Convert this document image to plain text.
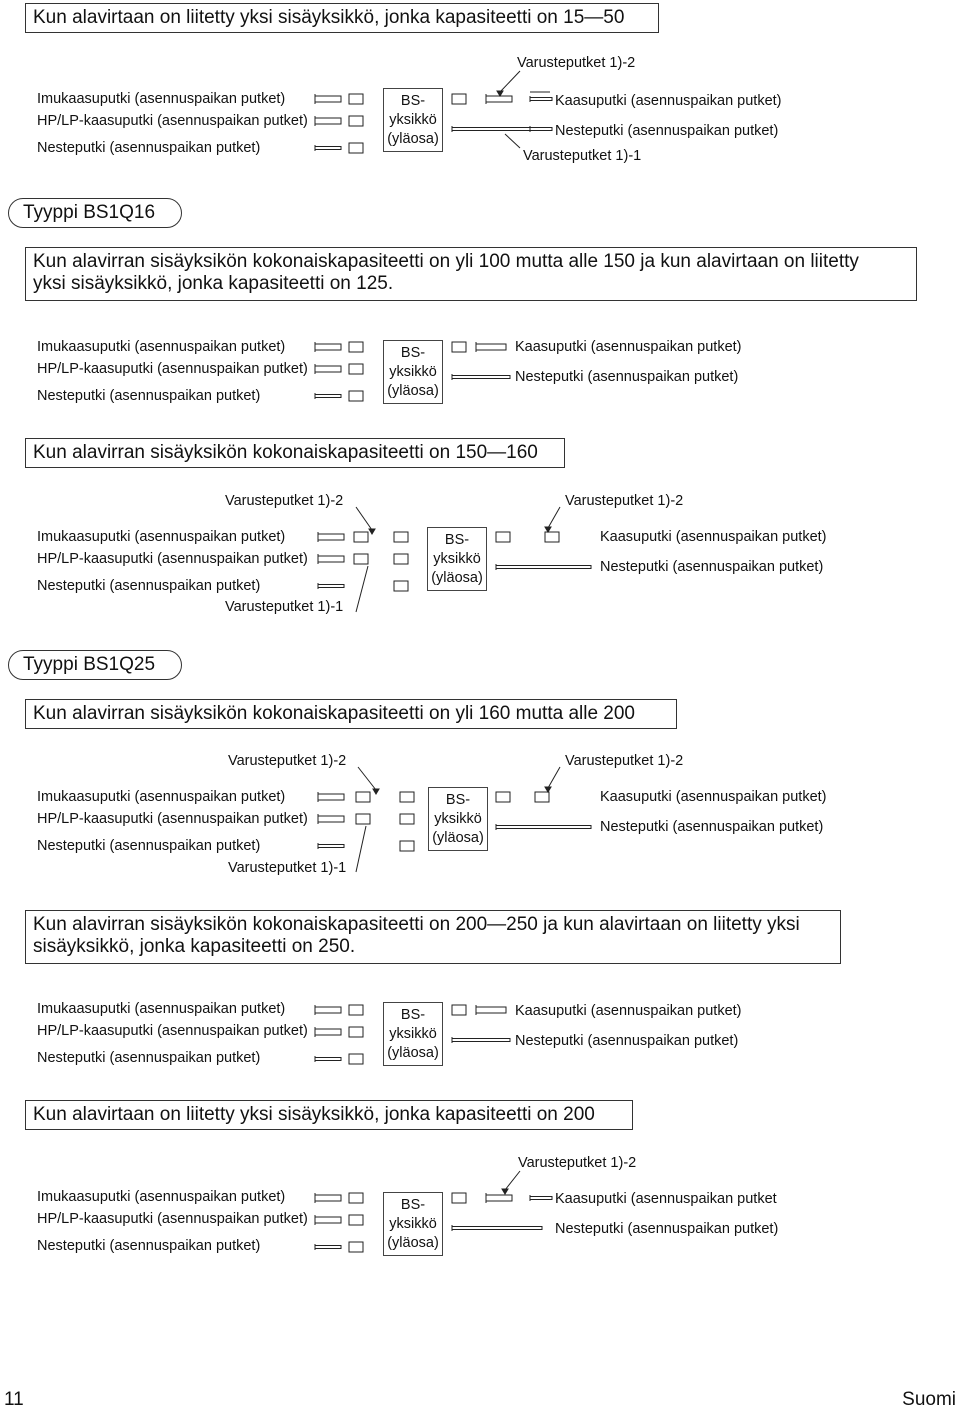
Kun alavirtaan on liitetty yksi sisäyksikkö, jonka kapasiteetti on 15—50
Varusteputket 1)-2
Imukaasuputki (asennuspaikan putket)
HP/LP-kaasuputki (asennuspaikan putket)
Nesteputki (asennuspaikan putket)
BS-
yksikkö
(yläosa)
Kaasuputki (asennuspaikan putket)
Nesteputki (asennuspaikan putket)
Varusteputket 1)-1
Tyyppi BS1Q16
Kun alavirran sisäyksikön kokonaiskapasiteetti on yli 100 mutta alle 150 ja kun alavirtaan on liitetty
yksi sisäyksikkö, jonka kapasiteetti on 125.
Imukaasuputki (asennuspaikan putket)
HP/LP-kaasuputki (asennuspaikan putket)
Nesteputki (asennuspaikan putket)
BS-
yksikkö
(yläosa)
Kaasuputki (asennuspaikan putket)
Nesteputki (asennuspaikan putket)
Kun alavirran sisäyksikön kokonaiskapasiteetti on 150—160
Varusteputket 1)-2	Varusteputket 1)-2
Imukaasuputki (asennuspaikan putket)
HP/LP-kaasuputki (asennuspaikan putket)
Nesteputki (asennuspaikan putket)
Varusteputket 1)-1
BS-
yksikkö
(yläosa)
Kaasuputki (asennuspaikan putket)
Nesteputki (asennuspaikan putket)
Tyyppi BS1Q25
Kun alavirran sisäyksikön kokonaiskapasiteetti on yli 160 mutta alle 200
Varusteputket 1)-2	Varusteputket 1)-2
Imukaasuputki (asennuspaikan putket)
HP/LP-kaasuputki (asennuspaikan putket)
Nesteputki (asennuspaikan putket)
Varusteputket 1)-1
BS-
yksikkö
(yläosa)
Kaasuputki (asennuspaikan putket)
Nesteputki (asennuspaikan putket)
Kun alavirran sisäyksikön kokonaiskapasiteetti on 200—250 ja kun alavirtaan on liitetty yksi
sisäyksikkö, jonka kapasiteetti on 250.
Imukaasuputki (asennuspaikan putket)
HP/LP-kaasuputki (asennuspaikan putket)
Nesteputki (asennuspaikan putket)
BS-
yksikkö
(yläosa)
Kaasuputki (asennuspaikan putket)
Nesteputki (asennuspaikan putket)
Kun alavirtaan on liitetty yksi sisäyksikkö, jonka kapasiteetti on 200
Varusteputket 1)-2
Imukaasuputki (asennuspaikan putket)
HP/LP-kaasuputki (asennuspaikan putket)
Nesteputki (asennuspaikan putket)
BS-
yksikkö
(yläosa)
Kaasuputki (asennuspaikan putket
Nesteputki (asennuspaikan putket)
11	Suomi
